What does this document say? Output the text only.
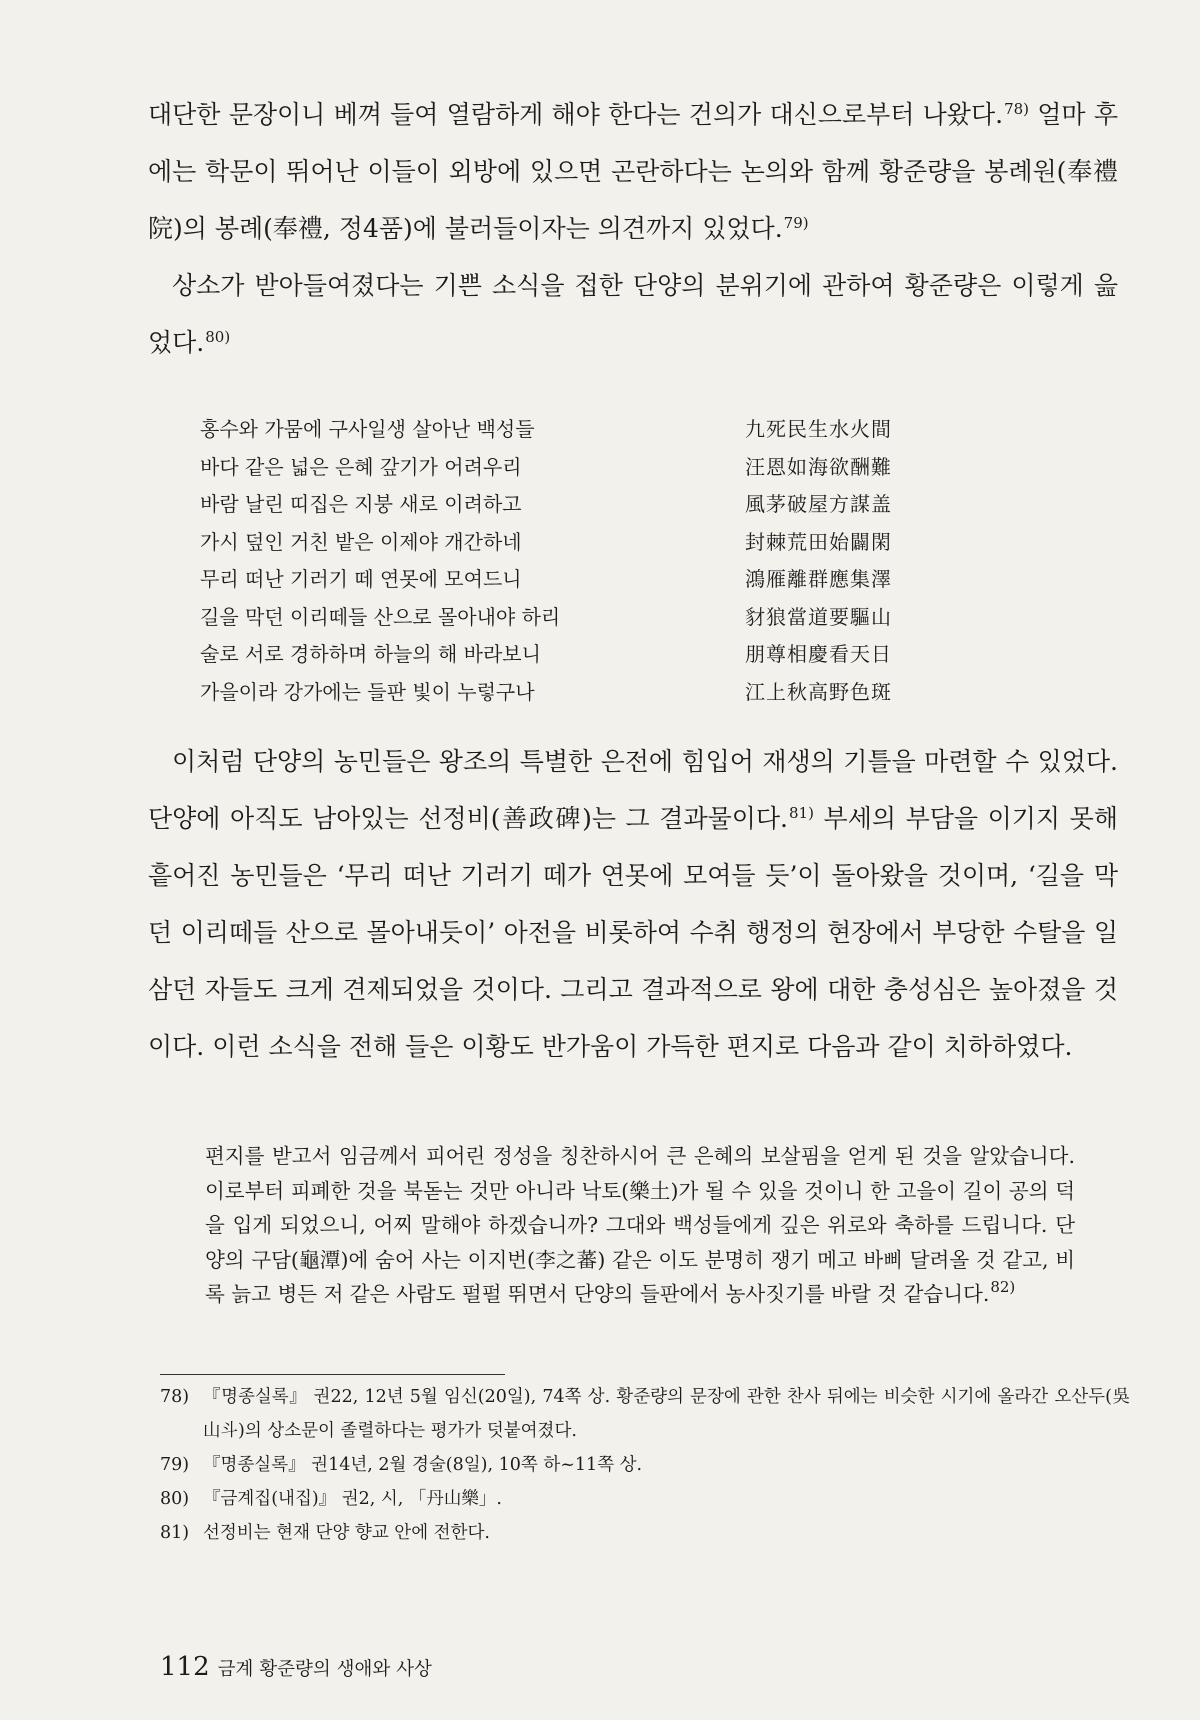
대단한 문장이니 베껴 들여 열람하게 해야 한다는 건의가 대신으로부터 나왔다.$^{78)}$ 얼마 후에는 학문이 뛰어난 이들이 외방에 있으면 곤란하다는 논의와 함께 황준량을 봉례원(奉禮院)의 봉례(奉禮, 정4품)에 불러들이자는 의견까지 있었다.$^{79)}$

상소가 받아들여졌다는 기쁜 소식을 접한 단양의 분위기에 관하여 황준량은 이렇게 읊었다.$^{80)}$

홍수와 가뭄에 구사일생 살아난 백성들	九死民生水火間
바다 같은 넓은 은혜 갚기가 어려우리	汪恩如海欲酬難
바람 날린 띠집은 지붕 새로 이려하고	風茅破屋方謀盖
가시 덮인 거친 밭은 이제야 개간하네	封棘荒田始闢閑
무리 떠난 기러기 떼 연못에 모여드니	鴻雁離群應集澤
길을 막던 이리떼들 산으로 몰아내야 하리	豺狼當道要驅山
술로 서로 경하하며 하늘의 해 바라보니	朋尊相慶看天日
가을이라 강가에는 들판 빛이 누렇구나	江上秋高野色斑

이처럼 단양의 농민들은 왕조의 특별한 은전에 힘입어 재생의 기틀을 마련할 수 있었다. 단양에 아직도 남아있는 선정비(善政碑)는 그 결과물이다.$^{81)}$ 부세의 부담을 이기지 못해 흩어진 농민들은 ‘무리 떠난 기러기 떼가 연못에 모여들 듯’이 돌아왔을 것이며, ‘길을 막던 이리떼들 산으로 몰아내듯이’ 아전을 비롯하여 수취 행정의 현장에서 부당한 수탈을 일삼던 자들도 크게 견제되었을 것이다. 그리고 결과적으로 왕에 대한 충성심은 높아졌을 것이다. 이런 소식을 전해 들은 이황도 반가움이 가득한 편지로 다음과 같이 치하하였다.

편지를 받고서 임금께서 피어린 정성을 칭찬하시어 큰 은혜의 보살핌을 얻게 된 것을 알았습니다. 이로부터 피폐한 것을 북돋는 것만 아니라 낙토(樂土)가 될 수 있을 것이니 한 고을이 길이 공의 덕을 입게 되었으니, 어찌 말해야 하겠습니까? 그대와 백성들에게 깊은 위로와 축하를 드립니다. 단양의 구담(龜潭)에 숨어 사는 이지번(李之蕃) 같은 이도 분명히 쟁기 메고 바삐 달려올 것 같고, 비록 늙고 병든 저 같은 사람도 펄펄 뛰면서 단양의 들판에서 농사짓기를 바랄 것 같습니다.$^{82)}$

78) 『명종실록』 권22, 12년 5월 임신(20일), 74쪽 상. 황준량의 문장에 관한 찬사 뒤에는 비슷한 시기에 올라간 오산두(吳山斗)의 상소문이 졸렬하다는 평가가 덧붙여졌다.
79) 『명종실록』 권14년, 2월 경술(8일), 10쪽 하~11쪽 상.
80) 『금계집(내집)』 권2, 시, 「丹山樂」.
81) 선정비는 현재 단양 향교 안에 전한다.
112 금계 황준량의 생애와 사상
